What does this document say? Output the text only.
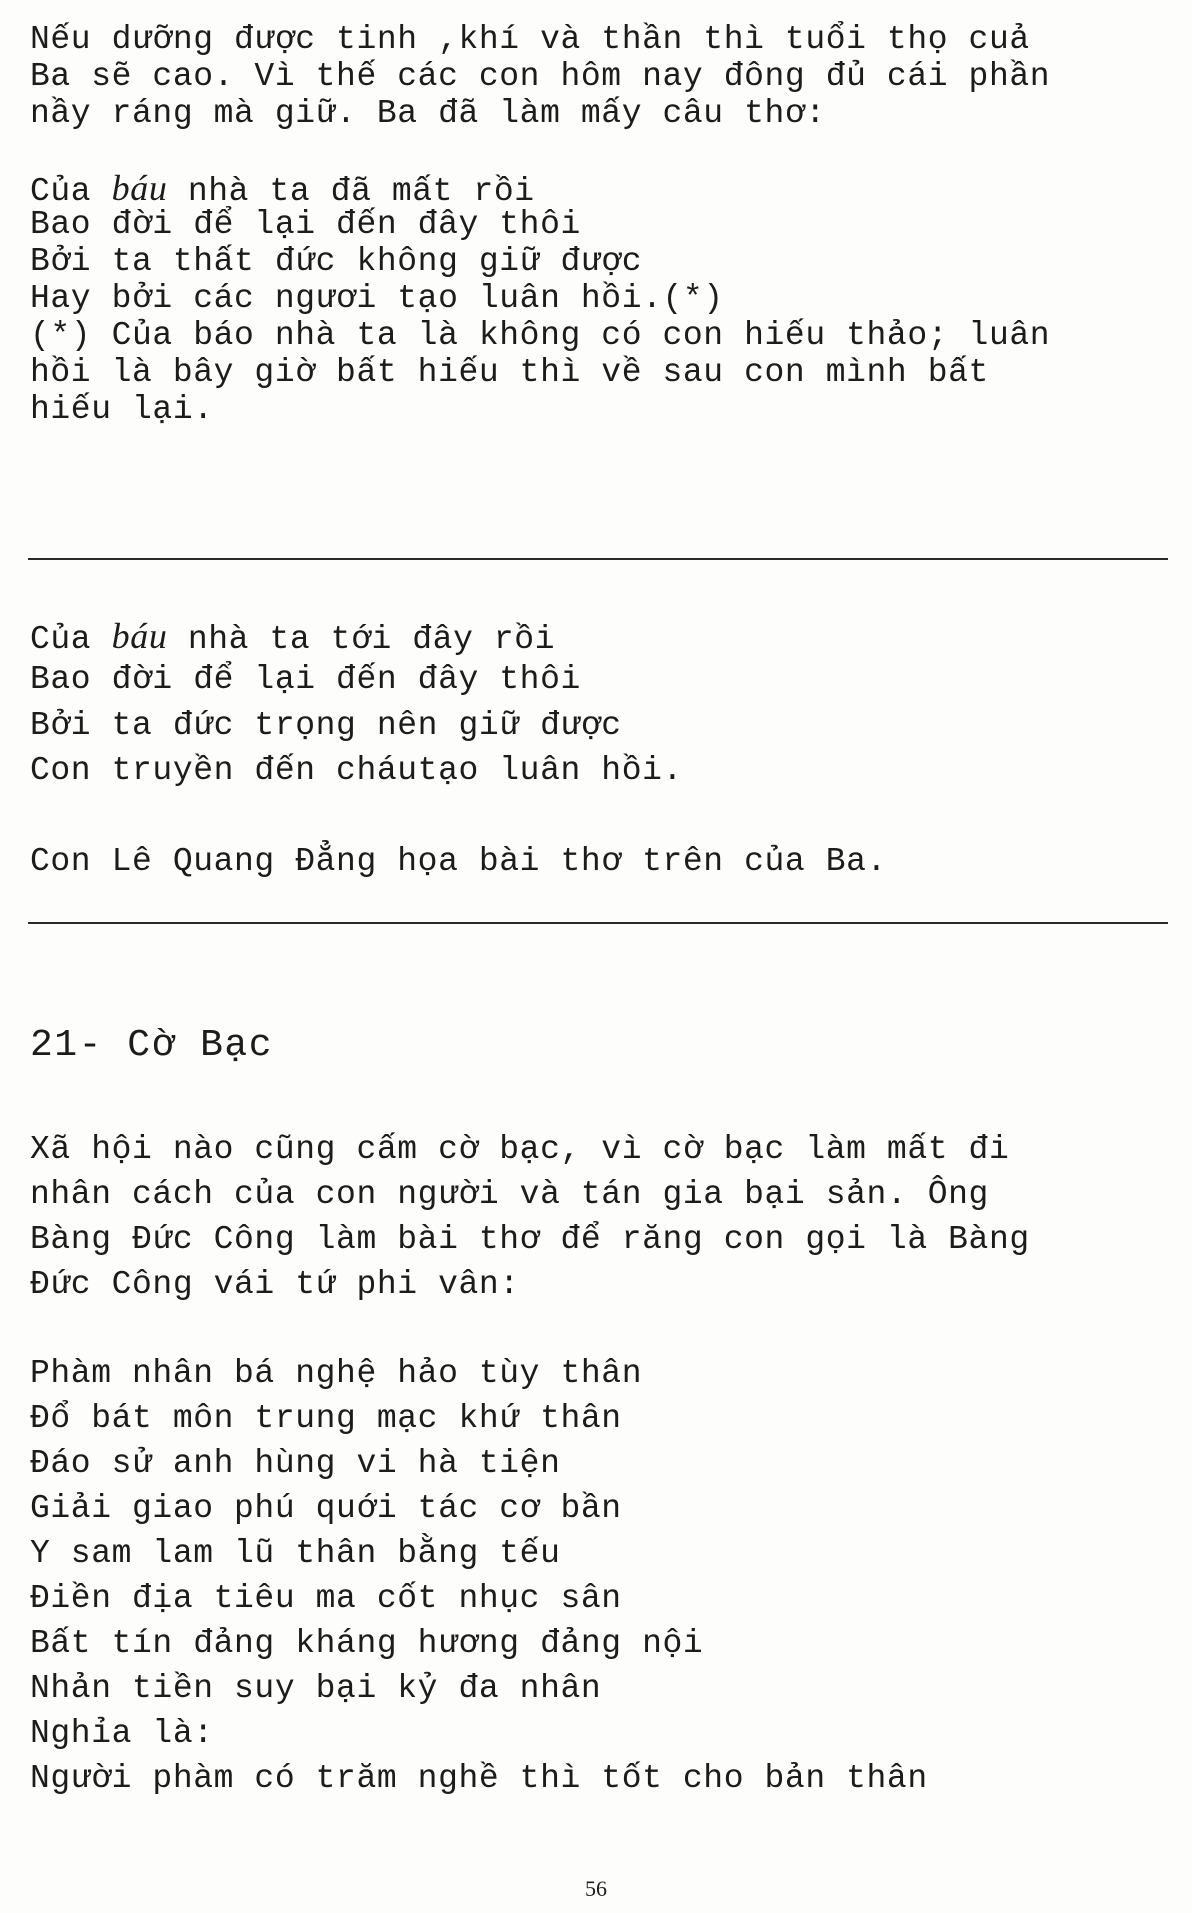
Nếu dưỡng được tinh ,khí và thần thì tuổi thọ cuả
Ba sẽ cao. Vì thế các con hôm nay đông đủ cái phần
nầy ráng mà giữ. Ba đã làm mấy câu thơ:
Của báu nhà ta đã mất rồi
Bao đời để lại đến đây thôi
Bởi ta thất đức không giữ được
Hay bởi các ngươi tạo luân hồi.(*)
(*) Của báo nhà ta là không có con hiếu thảo; luân
hồi là bây giờ bất hiếu thì về sau con mình bất
hiếu lại.
Của báu nhà ta tới đây rồi
Bao đời để lại đến đây thôi
Bởi ta đức trọng nên giữ được
Con truyền đến cháutạo luân hồi.
Con Lê Quang Đẳng họa bài thơ trên của Ba.
21- Cờ Bạc
Xã hội nào cũng cấm cờ bạc, vì cờ bạc làm mất đi
nhân cách của con người và tán gia bại sản. Ông
Bàng Đức Công làm bài thơ để răng con gọi là Bàng
Đức Công vái tứ phi vân:
Phàm nhân bá nghệ hảo tùy thân
Đổ bát môn trung mạc khứ thân
Đáo sử anh hùng vi hà tiện
Giải giao phú quới tác cơ bần
Y sam lam lũ thân bằng tếu
Điền địa tiêu ma cốt nhục sân
Bất tín đảng kháng hương đảng nội
Nhản tiền suy bại kỷ đa nhân
Nghỉa là:
Người phàm có trăm nghề thì tốt cho bản thân
56
